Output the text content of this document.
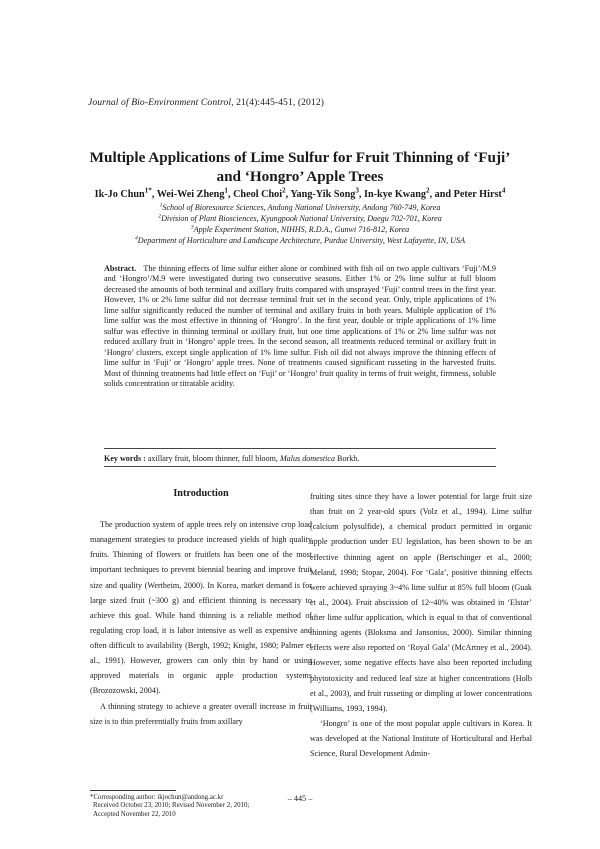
Journal of Bio-Environment Control, 21(4):445-451, (2012)
Multiple Applications of Lime Sulfur for Fruit Thinning of ‘Fuji’
and ‘Hongro’ Apple Trees
Ik-Jo Chun$^{1*}$, Wei-Wei Zheng$^1$, Cheol Choi$^2$, Yang-Yik Song$^3$, In-kye Kwang$^2$, and Peter Hirst$^4$
$^1$School of Bioresource Sciences, Andong National University, Andong 760-749, Korea
$^2$Division of Plant Biosciences, Kyungpook National University, Daegu 702-701, Korea
$^3$Apple Experiment Station, NIHHS, R.D.A., Gunwi 716-812, Korea
$^4$Department of Horticulture and Landscape Architecture, Purdue University, West Lafayette, IN, USA
Abstract. The thinning effects of lime sulfur either alone or combined with fish oil on two apple cultivars ‘Fuji’/M.9 and ‘Hongro’/M.9 were investigated during two consecutive seasons. Either 1% or 2% lime sulfur at full bloom decreased the amounts of both terminal and axillary fruits compared with unsprayed ‘Fuji’ control trees in the first year. However, 1% or 2% lime sulfur did not decrease terminal fruit set in the second year. Only, triple applications of 1% lime sulfur significantly reduced the number of terminal and axillary fruits in both years. Multiple application of 1% lime sulfur was the most effective in thinning of ‘Hongro’. In the first year, double or triple applications of 1% lime sulfur was effective in thinning terminal or axillary fruit, but one time applications of 1% or 2% lime sulfur was not reduced axillary fruit in ‘Hongro’ apple trees. In the second season, all treatments reduced terminal or axillary fruit in ‘Hongro’ clusters, except single application of 1% lime sulfur. Fish oil did not always improve the thinning effects of lime sulfur in ‘Fuji’ or ‘Hongro’ apple trees. None of treatments caused significant russeting in the harvested fruits. Most of thinning treatments had little effect on ‘Fuji’ or ‘Hongro’ fruit quality in terms of fruit weight, firmness, soluble solids concentration or titratable acidity.
Key words : axillary fruit, bloom thinner, full bloom, Malus domestica Borkh.
Introduction

The production system of apple trees rely on intensive crop load management strategies to produce increased yields of high quality fruits. Thinning of flowers or fruitlets has been one of the most important techniques to prevent biennial bearing and improve fruit size and quality (Wertheim, 2000). In Korea, market demand is for large sized fruit (~300 g) and efficient thinning is necessary to achieve this goal. While hand thinning is a reliable method of regulating crop load, it is labor intensive as well as expensive and often difficult to availability (Bergh, 1992; Knight, 1980; Palmer et al., 1991). However, growers can only thin by hand or using approved materials in organic apple production systems (Brozozowski, 2004).

A thinning strategy to achieve a greater overall increase in fruit size is to thin preferentially fruits from axillary

fruiting sites since they have a lower potential for large fruit size than fruit on 2 year-old spurs (Volz et al., 1994). Lime sulfur (calcium polysulfide), a chemical product permitted in organic apple production under EU legislation, has been shown to be an effective thinning agent on apple (Bertschinger et al., 2000; Meland, 1998; Stopar, 2004). For ‘Gala’, positive thinning effects were achieved spraying 3~4% lime sulfur at 85% full bloom (Guak et al., 2004). Fruit abscission of 12~40% was obtained in ‘Elstar’ after lime sulfur application, which is equal to that of conventional thinning agents (Bloksma and Jansonius, 2000). Similar thinning effects were also reported on ‘Royal Gala’ (McArtney et al., 2004). However, some negative effects have also been reported including phytotoxicity and reduced leaf size at higher concentrations (Holb et al., 2003), and fruit russeting or dimpling at lower concentrations (Williams, 1993, 1994).

‘Hongro’ is one of the most popular apple cultivars in Korea. It was developed at the National Institute of Horticultural and Herbal Science, Rural Development Admin-

*Corresponding author: ikjochun@andong.ac.kr
Received October 23, 2010; Revised November 2, 2010;
Accepted November 22, 2010
– 445 –
